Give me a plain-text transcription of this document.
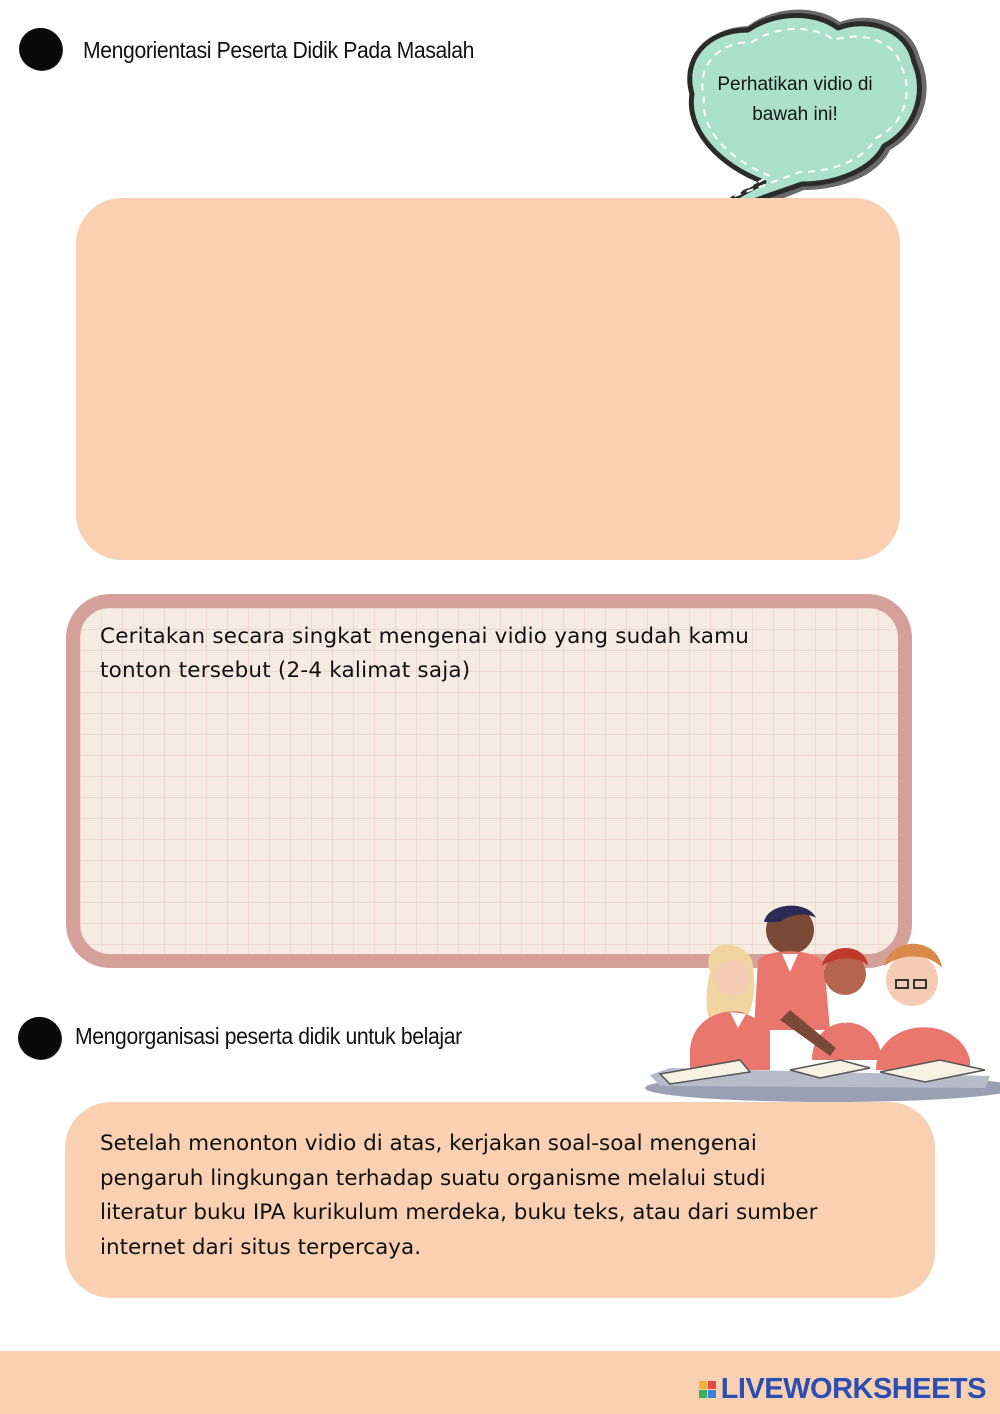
Mengorientasi Peserta Didik Pada Masalah
Perhatikan vidio di
bawah ini!
Ceritakan secara singkat mengenai vidio yang sudah kamu
tonton tersebut (2-4 kalimat saja)
Mengorganisasi peserta didik untuk belajar
Setelah menonton vidio di atas, kerjakan soal-soal mengenai
pengaruh lingkungan terhadap suatu organisme melalui studi
literatur buku IPA kurikulum merdeka, buku teks, atau dari sumber
internet dari situs terpercaya.
LIVEWORKSHEETS
